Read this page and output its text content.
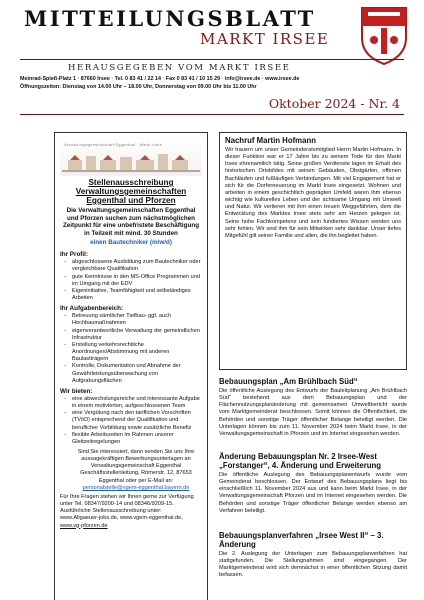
MITTEILUNGSBLATT
MARKT IRSEE
HERAUSGEGEBEN VOM MARKT IRSEE
Meinrad-Spieß-Platz 1 · 87660 Irsee · Tel. 0 83 41 / 22 14 · Fax 0 83 41 / 10 15 29 · info@irsee.de · www.irsee.de
Öffnungszeiten: Dienstag von 14.00 Uhr – 18.00 Uhr, Donnerstag von 09.00 Uhr bis 11.00 Uhr
Oktober 2024 - Nr. 4
Verwaltungsgemeinschaft Eggenthal · Markt Irsee
Stellenausschreibung Verwaltungsgemeinschaften Eggenthal und Pforzen
Die Verwaltungsgemeinschaften Eggenthal und Pforzen suchen zum nächstmöglichen Zeitpunkt für eine unbefristete Beschäftigung in Teilzeit mit mind. 30 Stunden
einen Bautechniker (m/w/d)
Ihr Profil:
- abgeschlossene Ausbildung zum Bautechniker oder vergleichbare Qualifikation
- gute Kenntnisse in den MS-Office Programmen und im Umgang mit der EDV
- Eigeninitiative, Teamfähigkeit und selbständiges Arbeiten
Ihr Aufgabenbereich:
- Betreuung sämtlicher Tiefbau- ggf. auch Hochbaumaßnahmen
- eigenverantwortliche Verwaltung der gemeindlichen Infrastruktur
- Erstellung verkehrsrechtliche Anordnungen/Abstimmung mit anderen Baulastträgern
- Kontrolle, Dokumentation und Abnahme der Gewährleistungsüberwachung von Aufgrabungsflächen
Wir bieten:
- eine abwechslungsreiche und interessante Aufgabe in einem motivierten, aufgeschlossenen Team
- eine Vergütung nach den tariflichen Vorschriften (TVöD) entsprechend der Qualifikation und beruflicher Vorbildung sowie zusätzliche Benefiz
- flexible Arbeitszeiten im Rahmen unserer Gleitzeitregelungen
Sind Sie interessiert, dann senden Sie uns Ihre aussagekräftigen Bewerbungsunterlagen an Verwaltungsgemeinschaft Eggenthal Geschäftsstellenleitung, Römerstr. 12, 87653 Eggenthal oder per E-Mail an:
personalstelle@vgem-eggenthal.bayern.de
Für Ihre Fragen stehen wir Ihnen gerne zur Verfügung unter Tel. 08347/9200-14 und 08346/9209-15. Ausführliche Stellenausschreibung unter: www.Allgaeuer-jobs.de, www.vgem-eggenthal.de,
www.vg-pforzen.de
Nachruf Martin Hofmann

Wir trauern um unser Gemeinderatsmitglied Herrn Martin Hofmann. In dieser Funktion war er 17 Jahre bis zu seinem Tode für den Markt Irsee ehrenamtlich tätig. Seine großen Verdienste lagen im Erhalt des historischen Ortsbildes mit seinen Gebäuden, Obstgärten, offenen Bachläufen und fußläufigen Verbindungen. Mit viel Engagement hat er sich für die Dorferneuerung im Markt Irsee eingesetzt. Wohnen und arbeiten in einem geschichtlich geprägten Umfeld waren ihm ebenso wichtig wie kulturelles Leben und der achtsame Umgang mit Umwelt und Natur. Wir verlieren mit ihm einen treuen Weggefährten, dem die Entwicklung des Marktes Irsee stets sehr am Herzen gelegen ist. Seine hohe Fachkompetenz und sein fundiertes Wissen werden uns sehr fehlen. Wir sind ihm für sein Mitwirken sehr dankbar. Unser tiefes Mitgefühl gilt seiner Familie und allen, die ihn begleitet haben.

Bebauungsplan „Am Brühlbach Süd“

Die öffentliche Auslegung des Entwurfs der Bauleitplanung „Am Brühlbach Süd“ bestehend aus dem Bebauungsplan und der Flächennutzungsplanänderung mit gemeinsamen Umweltbericht wurde vom Marktgemeinderat beschlossen. Somit können die Öffentlichkeit, die Behörden und sonstige Träger öffentlicher Belange beteiligt werden. Die Unterlagen können bis zum 11. November 2024 beim Markt Irsee, in der Verwaltungsgemeinschaft in Pforzen und im Internet eingesehen werden.

Änderung Bebauungsplan Nr. 2 Irsee-West „Forstanger“, 4. Änderung und Erweiterung

Die öffentliche Auslegung des Bebauungsplanentwurfs wurde vom Gemeinderat beschlossen. Der Entwurf des Bebauungsplans liegt bis einschließlich 11. November 2024 aus und kann beim Markt Irsee, in der Verwaltungsgemeinschaft Pforzen und im Internet eingesehen werden. Die Behörden und sonstige Träger öffentlicher Belange werden ebenso am Verfahren beteiligt.

Bebauungsplanverfahren „Irsee West II“ – 3. Änderung

Die 2. Auslegung der Unterlagen zum Bebauungsplanverfahren hat stattgefunden. Die Stellungnahmen sind eingegangen. Der Marktgemeinderat wird sich demnächst in einer öffentlichen Sitzung damit befassen.
